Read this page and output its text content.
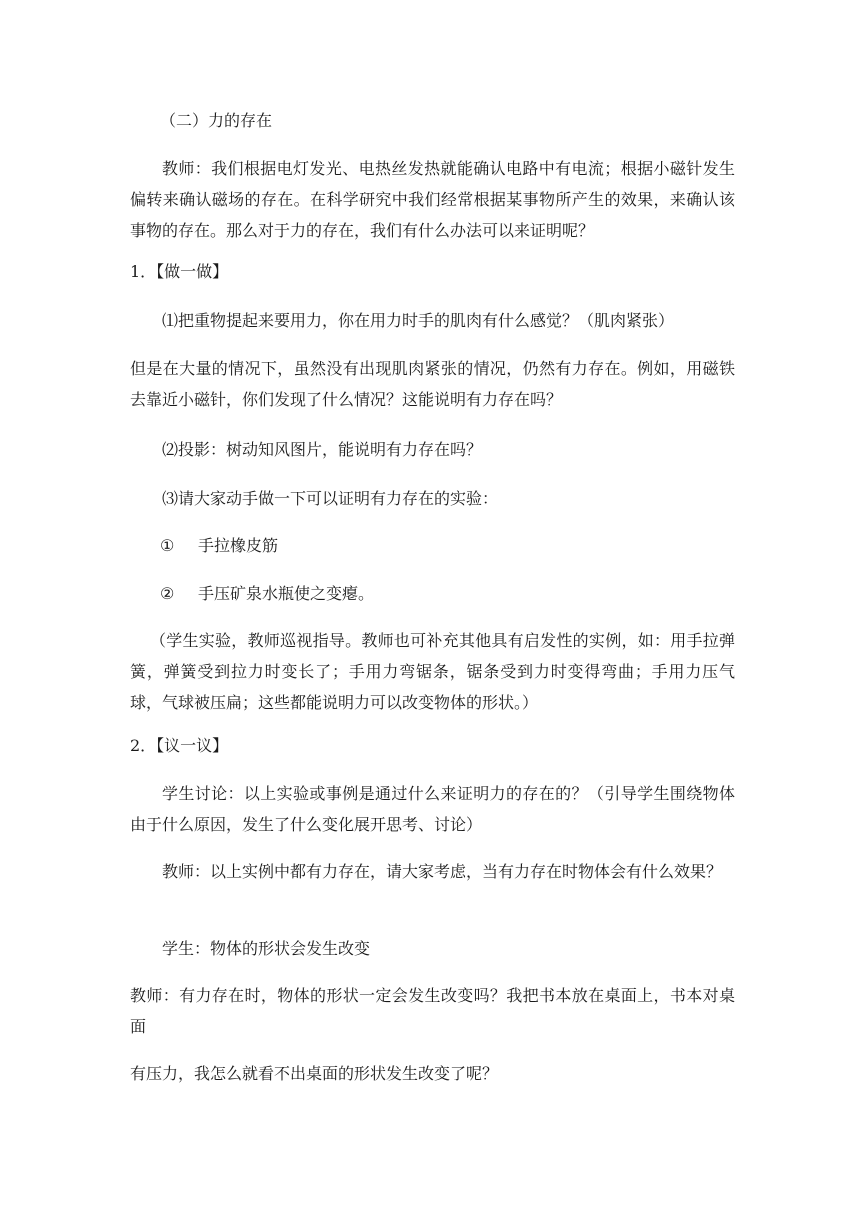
（二）力的存在

教师：我们根据电灯发光、电热丝发热就能确认电路中有电流；根据小磁针发生偏转来确认磁场的存在。在科学研究中我们经常根据某事物所产生的效果，来确认该事物的存在。那么对于力的存在，我们有什么办法可以来证明呢？

1．【做一做】

⑴把重物提起来要用力，你在用力时手的肌肉有什么感觉？（肌肉紧张）

但是在大量的情况下，虽然没有出现肌肉紧张的情况，仍然有力存在。例如，用磁铁去靠近小磁针，你们发现了什么情况？这能说明有力存在吗？

⑵投影：树动知风图片，能说明有力存在吗？

⑶请大家动手做一下可以证明有力存在的实验：

① 手拉橡皮筋
② 手压矿泉水瓶使之变瘪。

（学生实验，教师巡视指导。教师也可补充其他具有启发性的实例，如：用手拉弹簧，弹簧受到拉力时变长了；手用力弯锯条，锯条受到力时变得弯曲；手用力压气球，气球被压扁；这些都能说明力可以改变物体的形状。）

2．【议一议】

学生讨论：以上实验或事例是通过什么来证明力的存在的？（引导学生围绕物体由于什么原因，发生了什么变化展开思考、讨论）

教师：以上实例中都有力存在，请大家考虑，当有力存在时物体会有什么效果？

学生：物体的形状会发生改变

教师：有力存在时，物体的形状一定会发生改变吗？我把书本放在桌面上，书本对桌面

有压力，我怎么就看不出桌面的形状发生改变了呢？
